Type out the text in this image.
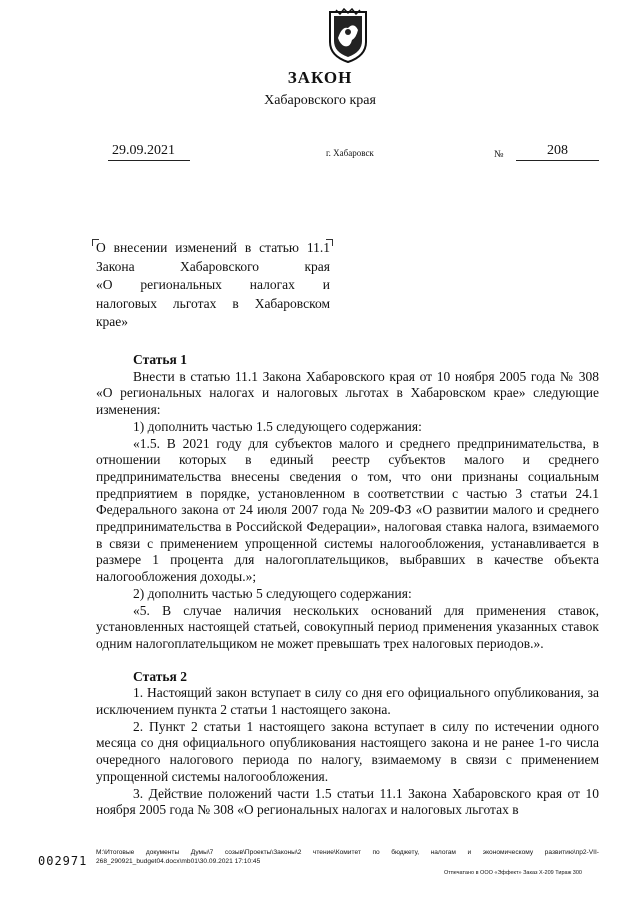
ЗАКОН
Хабаровского края
29.09.2021	г. Хабаровск	№	208
О внесении изменений в статью 11.1
Закона Хабаровского края
«О региональных налогах и
налоговых льготах в Хабаровском
крае»
Статья 1

Внести в статью 11.1 Закона Хабаровского края от 10 ноября 2005 года № 308 «О региональных налогах и налоговых льготах в Хабаровском крае» следующие изменения:

1) дополнить частью 1.5 следующего содержания:

«1.5. В 2021 году для субъектов малого и среднего предпринимательства, в отношении которых в единый реестр субъектов малого и среднего предпринимательства внесены сведения о том, что они признаны социальным предприятием в порядке, установленном в соответствии с частью 3 статьи 24.1 Федерального закона от 24 июля 2007 года № 209-ФЗ «О развитии малого и среднего предпринимательства в Российской Федерации», налоговая ставка налога, взимаемого в связи с применением упрощенной системы налогообложения, устанавливается в размере 1 процента для налогоплательщиков, выбравших в качестве объекта налогообложения доходы.»;

2) дополнить частью 5 следующего содержания:

«5. В случае наличия нескольких оснований для применения ставок, установленных настоящей статьей, совокупный период применения указанных ставок одним налогоплательщиком не может превышать трех налоговых периодов.».

Статья 2

1. Настоящий закон вступает в силу со дня его официального опубликования, за исключением пункта 2 статьи 1 настоящего закона.

2. Пункт 2 статьи 1 настоящего закона вступает в силу по истечении одного месяца со дня официального опубликования настоящего закона и не ранее 1-го числа очередного налогового периода по налогу, взимаемому в связи с применением упрощенной системы налогообложения.

3. Действие положений части 1.5 статьи 11.1 Закона Хабаровского края от 10 ноября 2005 года № 308 «О региональных налогах и налоговых льготах в

002971
M:\Итоговые документы Думы\7 созыв\Проекты\Законы\2 чтение\Комитет по бюджету, налогам и экономическому развитию\пр2-VII-268_290921_budget04.docx\mb01\30.09.2021 17:10:45
Отпечатано в ООО «Эффект» Заказ Х-209 Тираж 300
